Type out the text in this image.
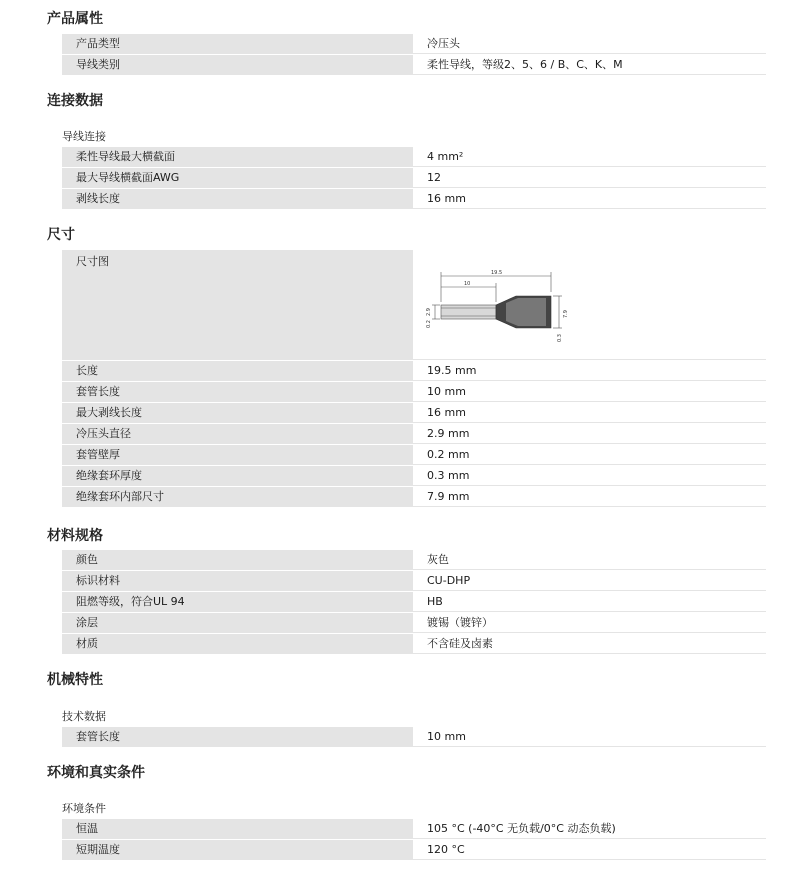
产品属性
产品类型	冷压头
导线类别	柔性导线，等级2、5、6 / B、C、K、M
连接数据
导线连接
柔性导线最大横截面	4 mm²
最大导线横截面AWG	12
剥线长度	16 mm
尺寸
尺寸图
19.5
10
2.9
0.2
7.9
0.3
长度	19.5 mm
套管长度	10 mm
最大剥线长度	16 mm
冷压头直径	2.9 mm
套管壁厚	0.2 mm
绝缘套环厚度	0.3 mm
绝缘套环内部尺寸	7.9 mm
材料规格
颜色	灰色
标识材料	CU-DHP
阻燃等级，符合UL 94	HB
涂层	镀锡（镀锌）
材质	不含硅及卤素
机械特性
技术数据
套管长度	10 mm
环境和真实条件
环境条件
恒温	105 °C (-40°C 无负载/0°C 动态负载)
短期温度	120 °C
